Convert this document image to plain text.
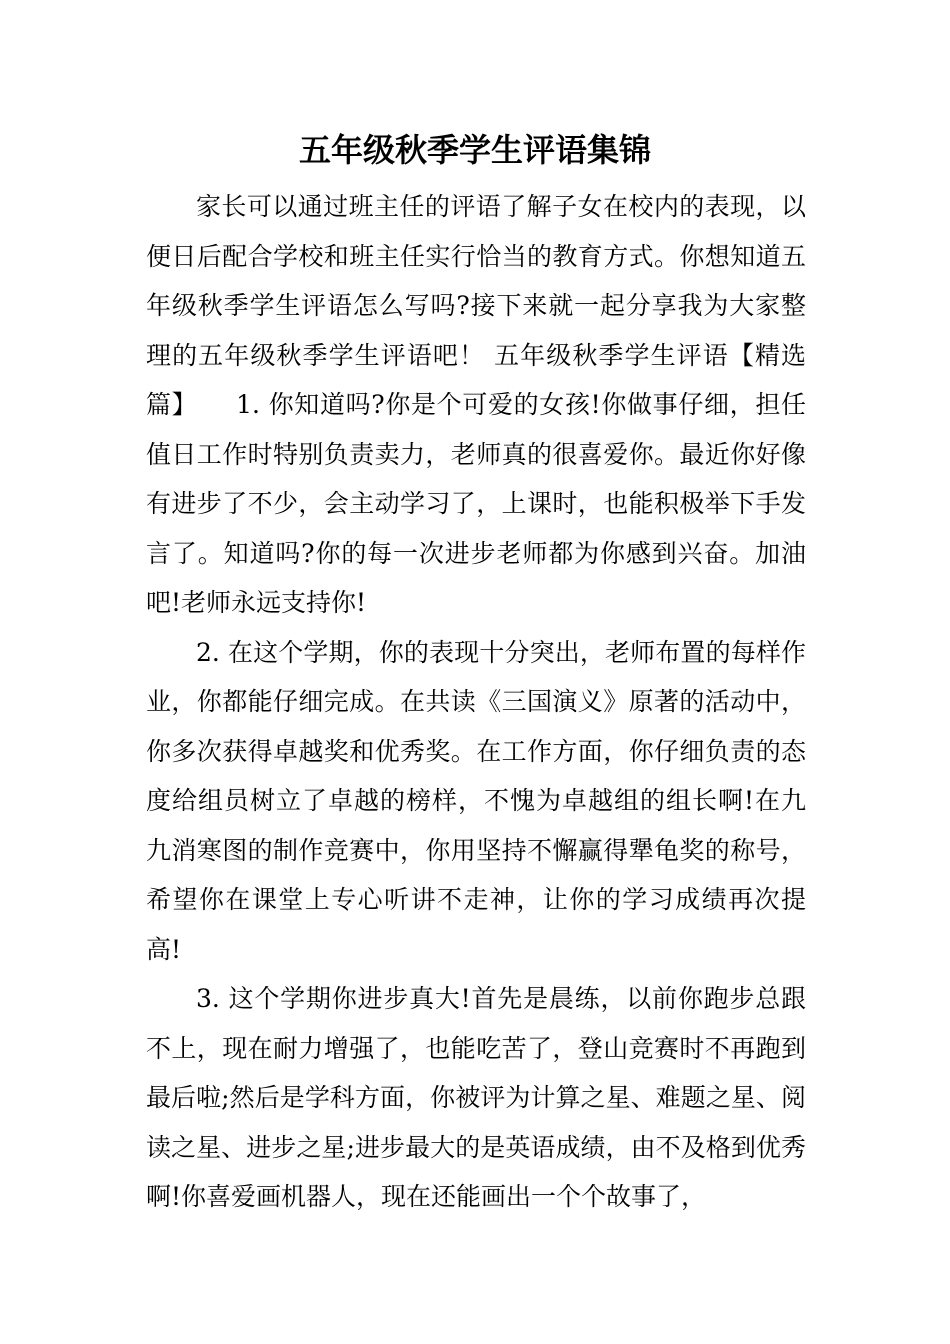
五年级秋季学生评语集锦

家长可以通过班主任的评语了解子女在校内的表现，以便日后配合学校和班主任实行恰当的教育方式。你想知道五年级秋季学生评语怎么写吗?接下来就一起分享我为大家整理的五年级秋季学生评语吧！ 五年级秋季学生评语【精选篇】　　1. 你知道吗?你是个可爱的女孩!你做事仔细，担任值日工作时特别负责卖力，老师真的很喜爱你。最近你好像有进步了不少，会主动学习了，上课时，也能积极举下手发言了。知道吗?你的每一次进步老师都为你感到兴奋。加油吧!老师永远支持你!

2. 在这个学期，你的表现十分突出，老师布置的每样作业，你都能仔细完成。在共读《三国演义》原著的活动中，你多次获得卓越奖和优秀奖。在工作方面，你仔细负责的态度给组员树立了卓越的榜样，不愧为卓越组的组长啊!在九九消寒图的制作竞赛中，你用坚持不懈赢得犟龟奖的称号，希望你在课堂上专心听讲不走神，让你的学习成绩再次提高!

3. 这个学期你进步真大!首先是晨练，以前你跑步总跟不上，现在耐力增强了，也能吃苦了，登山竞赛时不再跑到最后啦;然后是学科方面，你被评为计算之星、难题之星、阅读之星、进步之星;进步最大的是英语成绩，由不及格到优秀啊!你喜爱画机器人，现在还能画出一个个故事了，
